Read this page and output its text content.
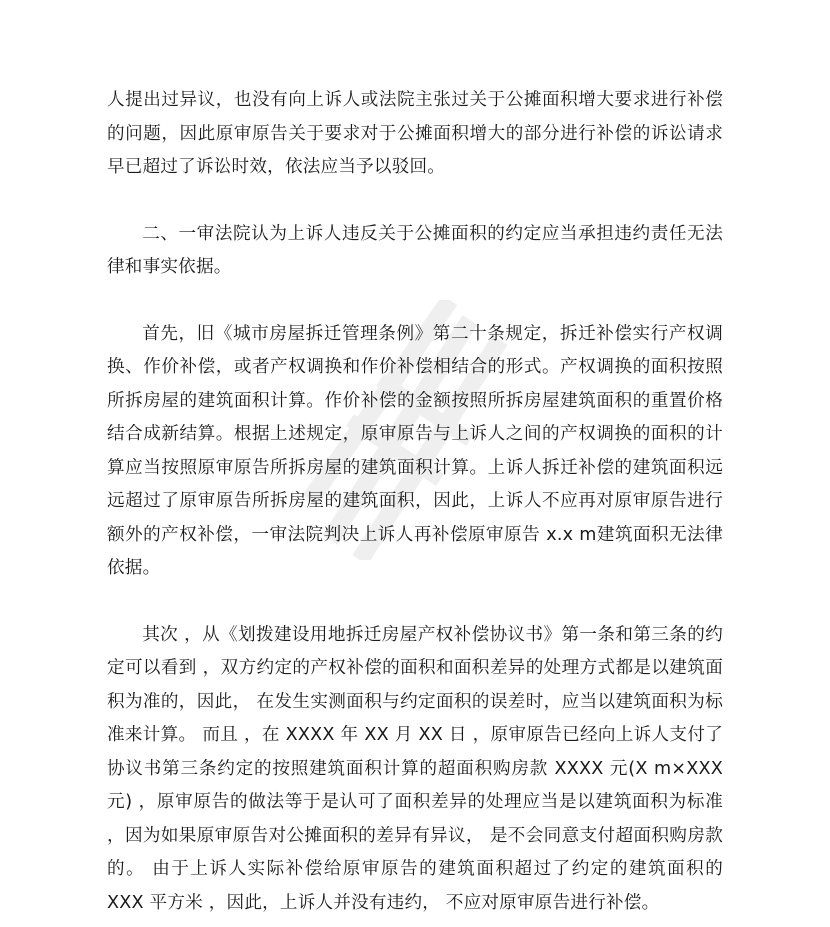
人提出过异议，也没有向上诉人或法院主张过关于公摊面积增大要求进行补偿的问题，因此原审原告关于要求对于公摊面积增大的部分进行补偿的诉讼请求早已超过了诉讼时效，依法应当予以驳回。

二、一审法院认为上诉人违反关于公摊面积的约定应当承担违约责任无法律和事实依据。

首先，旧《城市房屋拆迁管理条例》第二十条规定，拆迁补偿实行产权调换、作价补偿，或者产权调换和作价补偿相结合的形式。产权调换的面积按照所拆房屋的建筑面积计算。作价补偿的金额按照所拆房屋建筑面积的重置价格结合成新结算。根据上述规定，原审原告与上诉人之间的产权调换的面积的计算应当按照原审原告所拆房屋的建筑面积计算。上诉人拆迁补偿的建筑面积远远超过了原审原告所拆房屋的建筑面积，因此，上诉人不应再对原审原告进行额外的产权补偿，一审法院判决上诉人再补偿原审原告 x.x m建筑面积无法律依据。

其次 ，从《划拨建设用地拆迁房屋产权补偿协议书》第一条和第三条的约定可以看到 ，双方约定的产权补偿的面积和面积差异的处理方式都是以建筑面积为准的，因此， 在发生实测面积与约定面积的误差时，应当以建筑面积为标准来计算。 而且 ，在 XXXX 年 XX 月 XX 日 ，原审原告已经向上诉人支付了协议书第三条约定的按照建筑面积计算的超面积购房款 XXXX 元(X m×XXX 元) ，原审原告的做法等于是认可了面积差异的处理应当是以建筑面积为标准 ，因为如果原审原告对公摊面积的差异有异议， 是不会同意支付超面积购房款的。 由于上诉人实际补偿给原审原告的建筑面积超过了约定的建筑面积的 XXX 平方米 ，因此，上诉人并没有违约， 不应对原审原告进行补偿。
